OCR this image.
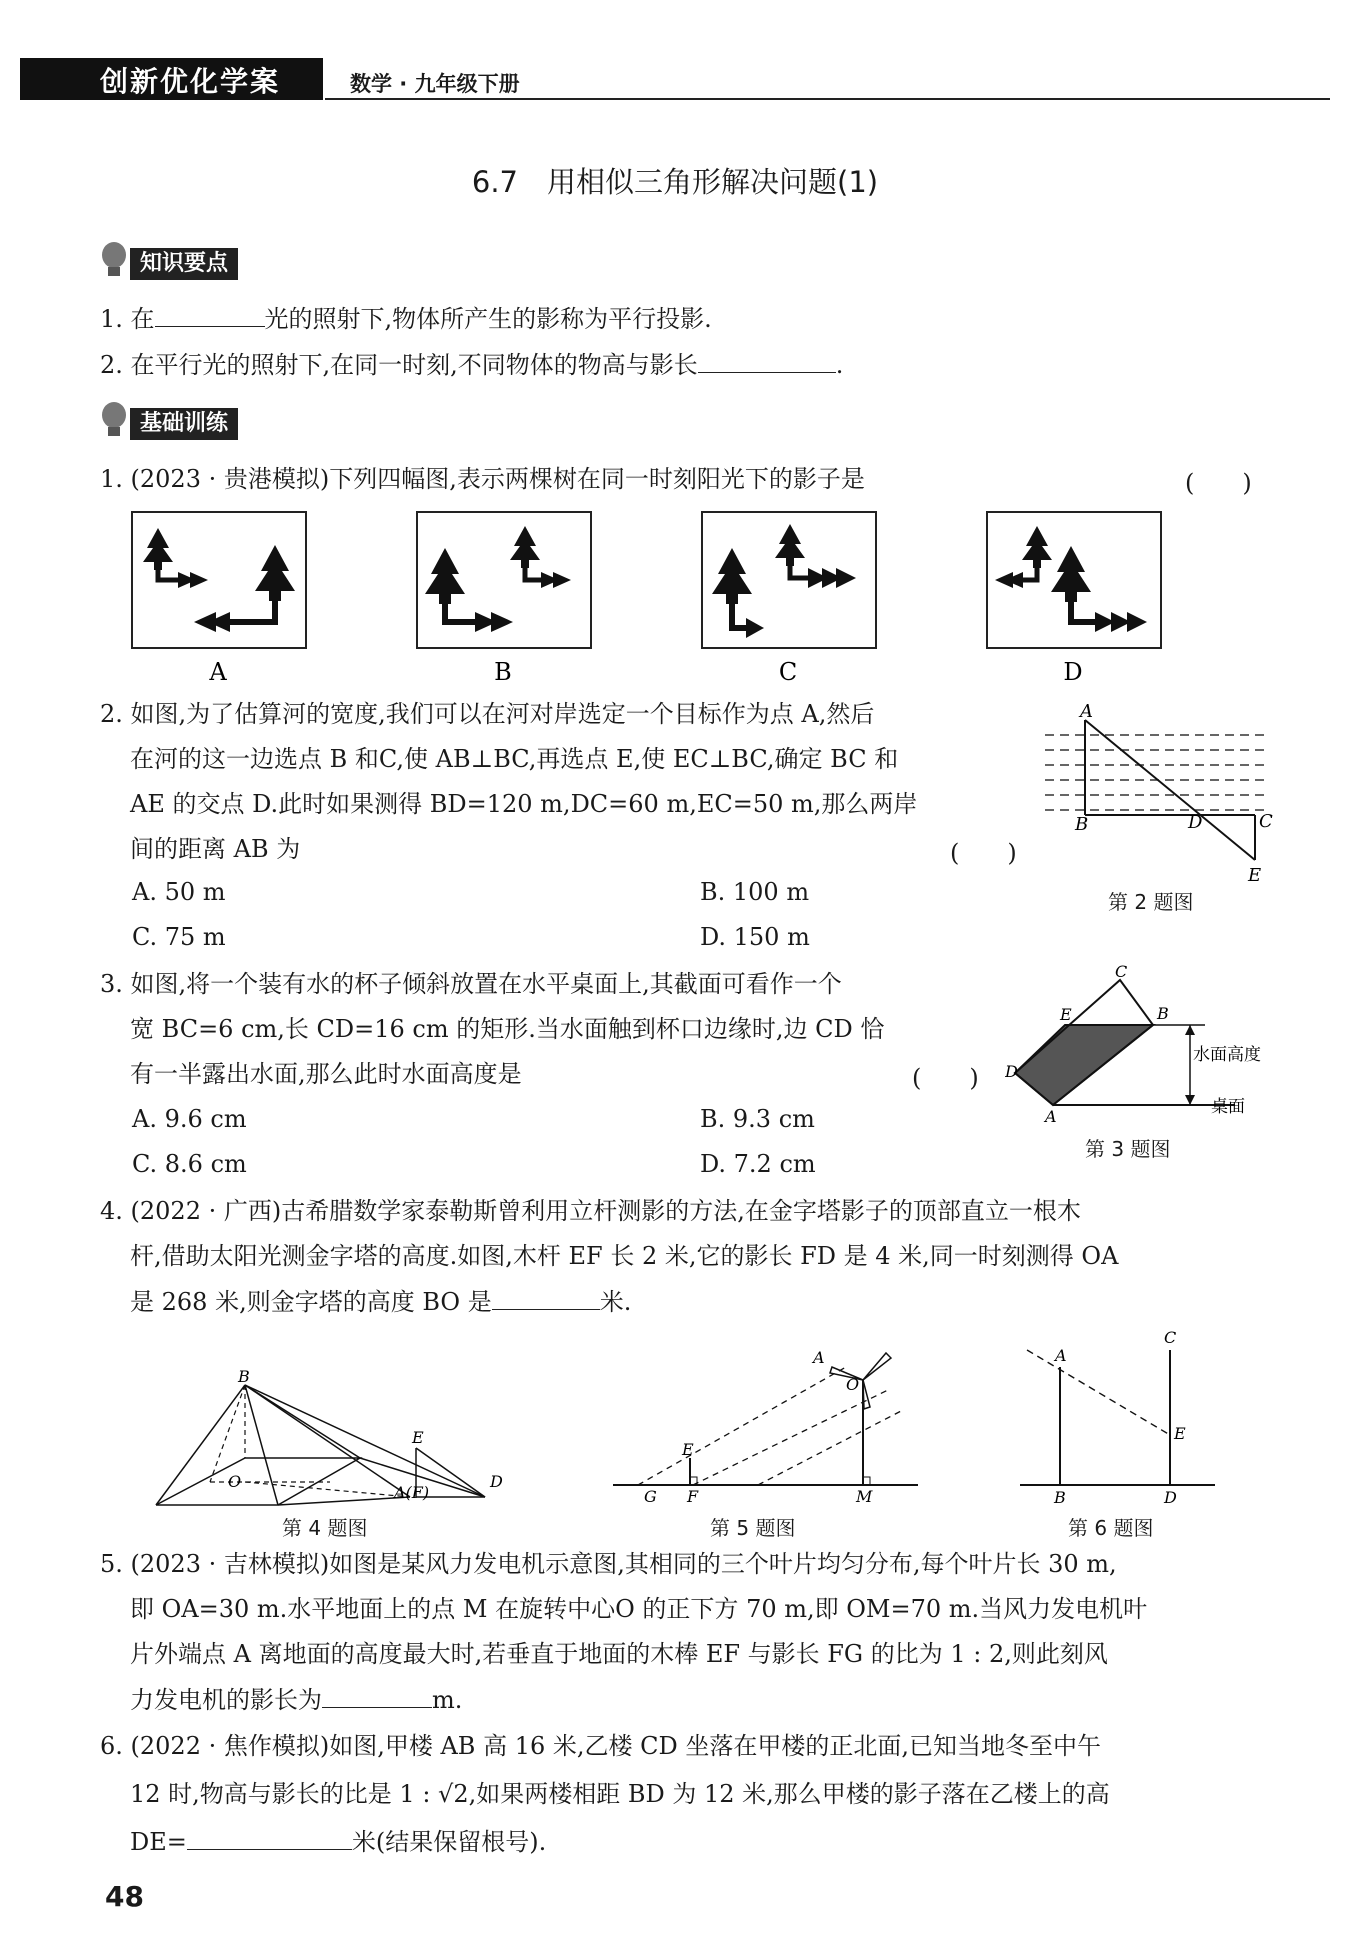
创新优化学案	数学 · 九年级下册
6.7　用相似三角形解决问题(1)
知识要点
1. 在	光的照射下,物体所产生的影称为平行投影.
2. 在平行光的照射下,在同一时刻,不同物体的物高与影长	.
基础训练
1. (2023 · 贵港模拟)下列四幅图,表示两棵树在同一时刻阳光下的影子是	(　　)
A	B	C	D
2. 如图,为了估算河的宽度,我们可以在河对岸选定一个目标作为点 A,然后
在河的这一边选点 B 和C,使 AB⊥BC,再选点 E,使 EC⊥BC,确定 BC 和
AE 的交点 D.此时如果测得 BD=120 m,DC=60 m,EC=50 m,那么两岸
间的距离 AB 为	(　　)
A. 50 m	B. 100 m
C. 75 m	D. 150 m
A
B	D	C
E
第 2 题图
3. 如图,将一个装有水的杯子倾斜放置在水平桌面上,其截面可看作一个
宽 BC=6 cm,长 CD=16 cm 的矩形.当水面触到杯口边缘时,边 CD 恰
有一半露出水面,那么此时水面高度是	(　　)
A. 9.6 cm	B. 9.3 cm
C. 8.6 cm	D. 7.2 cm
C
E	B
D
A
水面高度
桌面
第 3 题图
4. (2022 · 广西)古希腊数学家泰勒斯曾利用立杆测影的方法,在金字塔影子的顶部直立一根木
杆,借助太阳光测金字塔的高度.如图,木杆 EF 长 2 米,它的影长 FD 是 4 米,同一时刻测得 OA
是 268 米,则金字塔的高度 BO 是	米.
B
O
E
A(F)
D
第 4 题图
A
O
E
G F	M
第 5 题图
A
C
E
B	D
第 6 题图
5. (2023 · 吉林模拟)如图是某风力发电机示意图,其相同的三个叶片均匀分布,每个叶片长 30 m,
即 OA=30 m.水平地面上的点 M 在旋转中心O 的正下方 70 m,即 OM=70 m.当风力发电机叶
片外端点 A 离地面的高度最大时,若垂直于地面的木棒 EF 与影长 FG 的比为 1 : 2,则此刻风
力发电机的影长为	m.
6. (2022 · 焦作模拟)如图,甲楼 AB 高 16 米,乙楼 CD 坐落在甲楼的正北面,已知当地冬至中午
12 时,物高与影长的比是 1 : √2,如果两楼相距 BD 为 12 米,那么甲楼的影子落在乙楼上的高
DE=	米(结果保留根号).
48
